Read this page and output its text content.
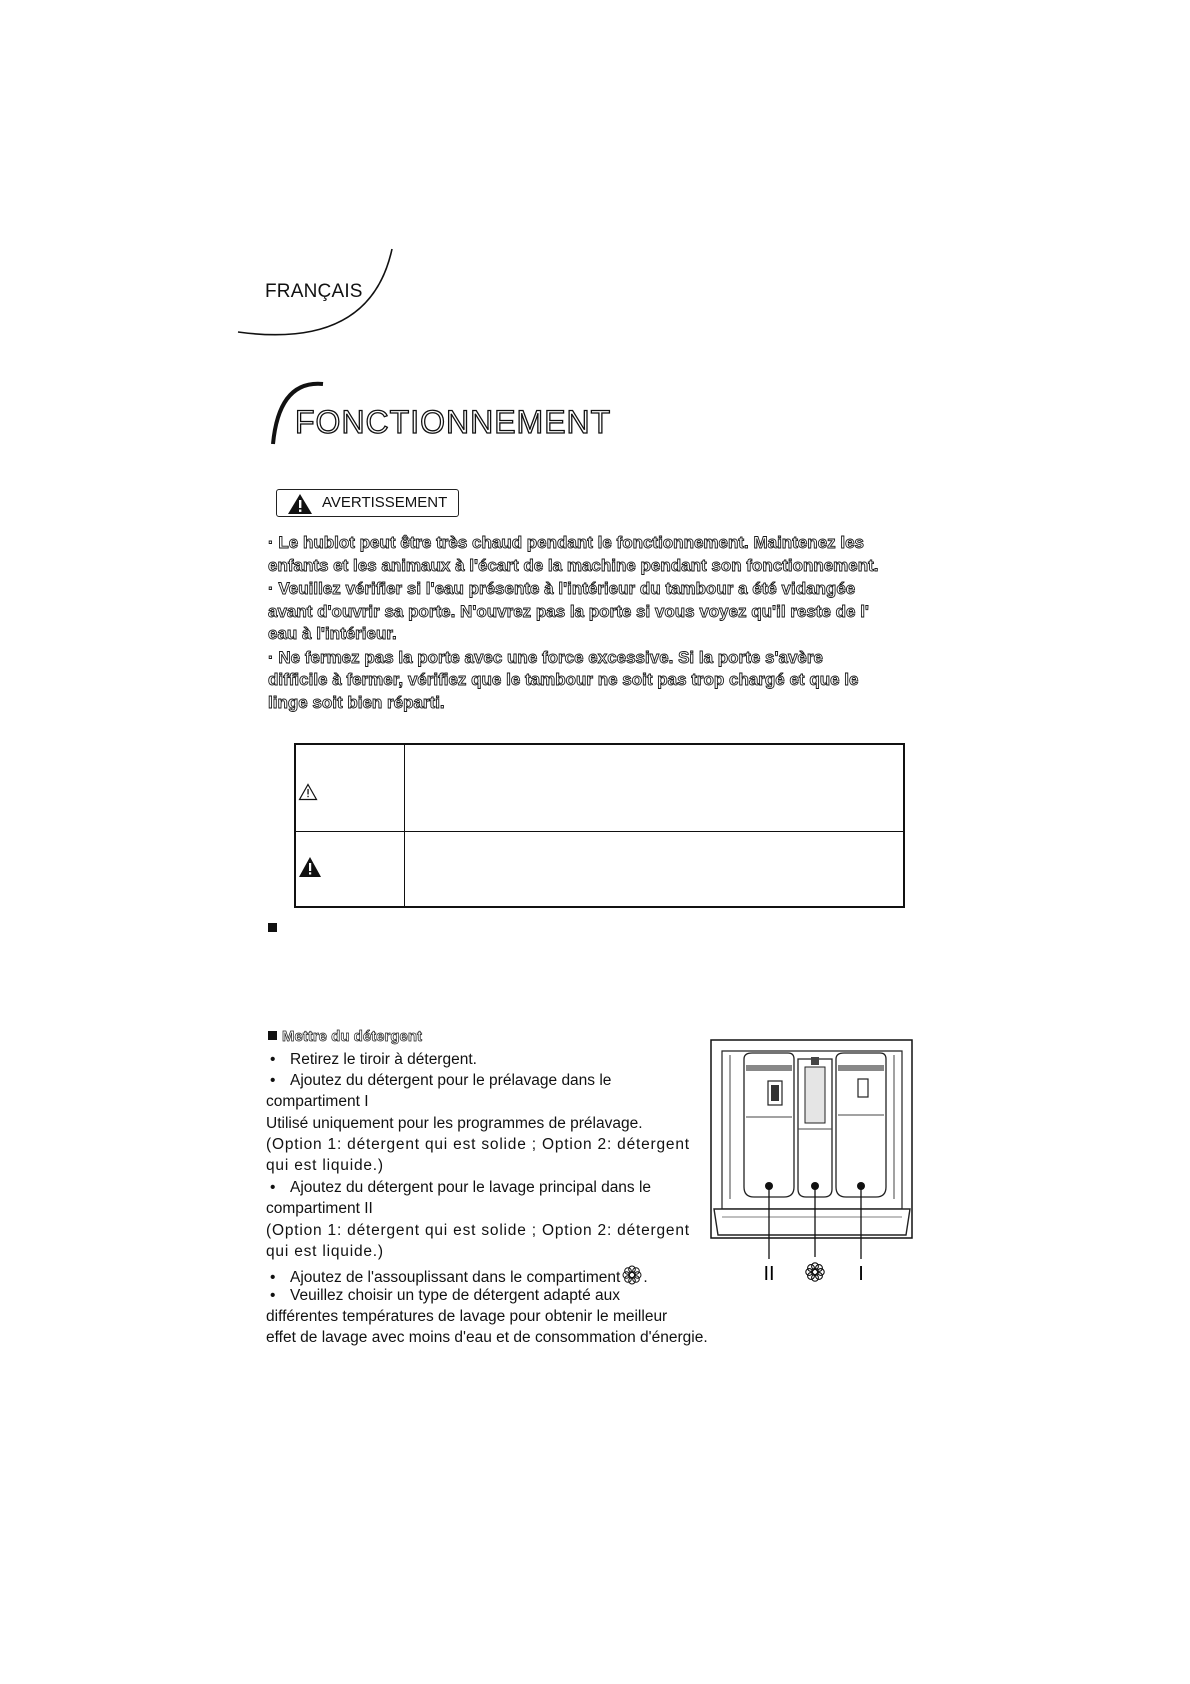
FRANÇAIS
FONCTIONNEMENT
AVERTISSEMENT
· Le hublot peut être très chaud pendant le fonctionnement. Maintenez les
enfants et les animaux à l'écart de la machine pendant son fonctionnement.
· Veuillez vérifier si l'eau présente à l'intérieur du tambour a été vidangée
avant d'ouvrir sa porte. N'ouvrez pas la porte si vous voyez qu'il reste de l'
eau à l'intérieur.
· Ne fermez pas la porte avec une force excessive. Si la porte s'avère
difficile à fermer, vérifiez que le tambour ne soit pas trop chargé et que le
linge soit bien réparti.
Mettre du détergent
• Retirez le tiroir à détergent.
• Ajoutez du détergent pour le prélavage dans le
compartiment I
Utilisé uniquement pour les programmes de prélavage.
(Option 1: détergent qui est solide ; Option 2: détergent
qui est liquide.)
• Ajoutez du détergent pour le lavage principal dans le
compartiment II
(Option 1: détergent qui est solide ; Option 2: détergent
qui est liquide.)
• Ajoutez de l'assouplissant dans le compartiment .
• Veuillez choisir un type de détergent adapté aux
différentes températures de lavage pour obtenir le meilleur
effet de lavage avec moins d'eau et de consommation d'énergie.
II	I
